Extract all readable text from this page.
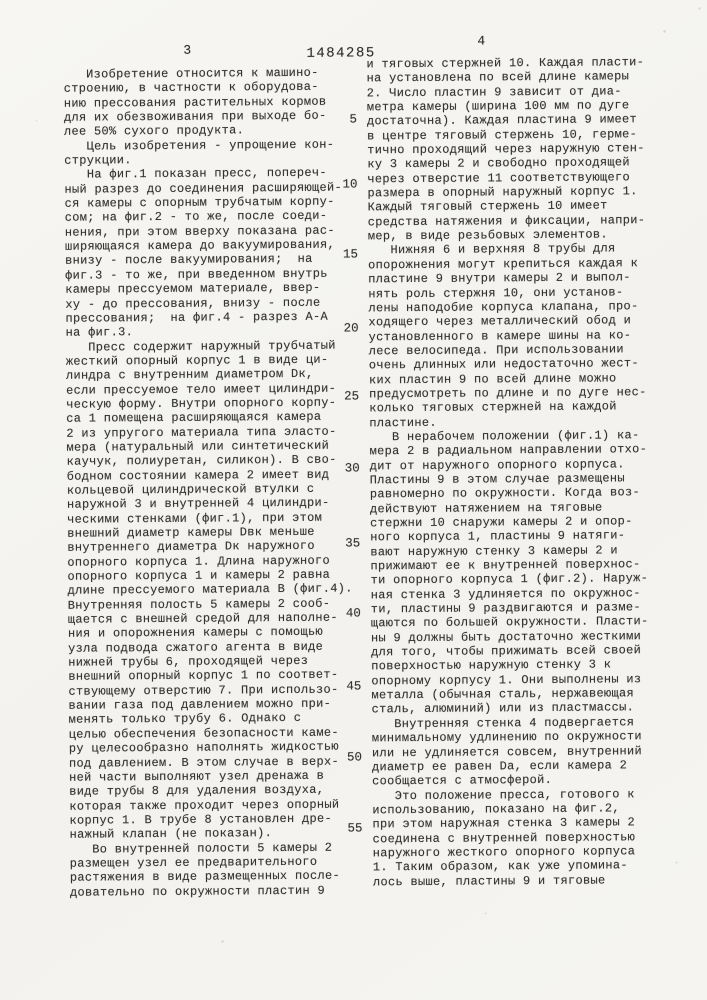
3	1484285
4
Изобретение относится к машино-
строению, в частности к оборудова-
нию прессования растительных кормов
для их обезвоживания при выходе бо-
лее 50% сухого продукта.
Цель изобретения - упрощение кон-
струкции.
На фиг.1 показан пресс, попереч-
ный разрез до соединения расширяющей-
ся камеры с опорным трубчатым корпу-
сом; на фиг.2 - то же, после соеди-
нения, при этом вверху показана рас-
ширяющаяся камера до вакуумирования,
внизу - после вакуумирования;  на
фиг.3 - то же, при введенном внутрь
камеры прессуемом материале, ввер-
ху - до прессования, внизу - после
прессования;  на фиг.4 - разрез А-А
на фиг.3.
Пресс содержит наружный трубчатый
жесткий опорный корпус 1 в виде ци-
линдра с внутренним диаметром Dк,
если прессуемое тело имеет цилиндри-
ческую форму. Внутри опорного корпу-
са 1 помещена расширяющаяся камера
2 из упругого материала типа эласто-
мера (натуральный или синтетический
каучук, полиуретан, силикон). В сво-
бодном состоянии камера 2 имеет вид
кольцевой цилиндрической втулки с
наружной 3 и внутренней 4 цилиндри-
ческими стенками (фиг.1), при этом
внешний диаметр камеры Dвк меньше
внутреннего диаметра Dк наружного
опорного корпуса 1. Длина наружного
опорного корпуса 1 и камеры 2 равна
длине прессуемого материала В (фиг.4).
Внутренняя полость 5 камеры 2 сооб-
щается с внешней средой для наполне-
ния и опорожнения камеры с помощью
узла подвода сжатого агента в виде
нижней трубы 6, проходящей через
внешний опорный корпус 1 по соответ-
ствующему отверстию 7. При использо-
вании газа под давлением можно при-
менять только трубу 6. Однако с
целью обеспечения безопасности каме-
ру целесообразно наполнять жидкостью
под давлением. В этом случае в верх-
ней части выполняют узел дренажа в
виде трубы 8 для удаления воздуха,
которая также проходит через опорный
корпус 1. В трубе 8 установлен дре-
нажный клапан (не показан).
Во внутренней полости 5 камеры 2
размещен узел ее предварительного
растяжения в виде размещенных после-
довательно по окружности пластин 9
5
10
15
20
25
30
35
40
45
50
55
и тяговых стержней 10. Каждая пласти-
на установлена по всей длине камеры
2. Число пластин 9 зависит от диа-
метра камеры (ширина 100 мм по дуге
достаточна). Каждая пластина 9 имеет
в центре тяговый стержень 10, герме-
тично проходящий через наружную стен-
ку 3 камеры 2 и свободно проходящей
через отверстие 11 соответствующего
размера в опорный наружный корпус 1.
Каждый тяговый стержень 10 имеет
средства натяжения и фиксации, напри-
мер, в виде резьбовых элементов.
Нижняя 6 и верхняя 8 трубы для
опорожнения могут крепиться каждая к
пластине 9 внутри камеры 2 и выпол-
нять роль стержня 10, они установ-
лены наподобие корпуса клапана, про-
ходящего через металлический обод и
установленного в камере шины на ко-
лесе велосипеда. При использовании
очень длинных или недостаточно жест-
ких пластин 9 по всей длине можно
предусмотреть по длине и по дуге нес-
колько тяговых стержней на каждой
пластине.
В нерабочем положении (фиг.1) ка-
мера 2 в радиальном направлении отхо-
дит от наружного опорного корпуса.
Пластины 9 в этом случае размещены
равномерно по окружности. Когда воз-
действуют натяжением на тяговые
стержни 10 снаружи камеры 2 и опор-
ного корпуса 1, пластины 9 натяги-
вают наружную стенку 3 камеры 2 и
прижимают ее к внутренней поверхнос-
ти опорного корпуса 1 (фиг.2). Наруж-
ная стенка 3 удлиняется по окружнос-
ти, пластины 9 раздвигаются и разме-
щаются по большей окружности. Пласти-
ны 9 должны быть достаточно жесткими
для того, чтобы прижимать всей своей
поверхностью наружную стенку 3 к
опорному корпусу 1. Они выполнены из
металла (обычная сталь, нержавеющая
сталь, алюминий) или из пластмассы.
Внутренняя стенка 4 подвергается
минимальному удлинению по окружности
или не удлиняется совсем, внутренний
диаметр ее равен Dа, если камера 2
сообщается с атмосферой.
Это положение пресса, готового к
использованию, показано на фиг.2,
при этом наружная стенка 3 камеры 2
соединена с внутренней поверхностью
наружного жесткого опорного корпуса
1. Таким образом, как уже упомина-
лось выше, пластины 9 и тяговые
